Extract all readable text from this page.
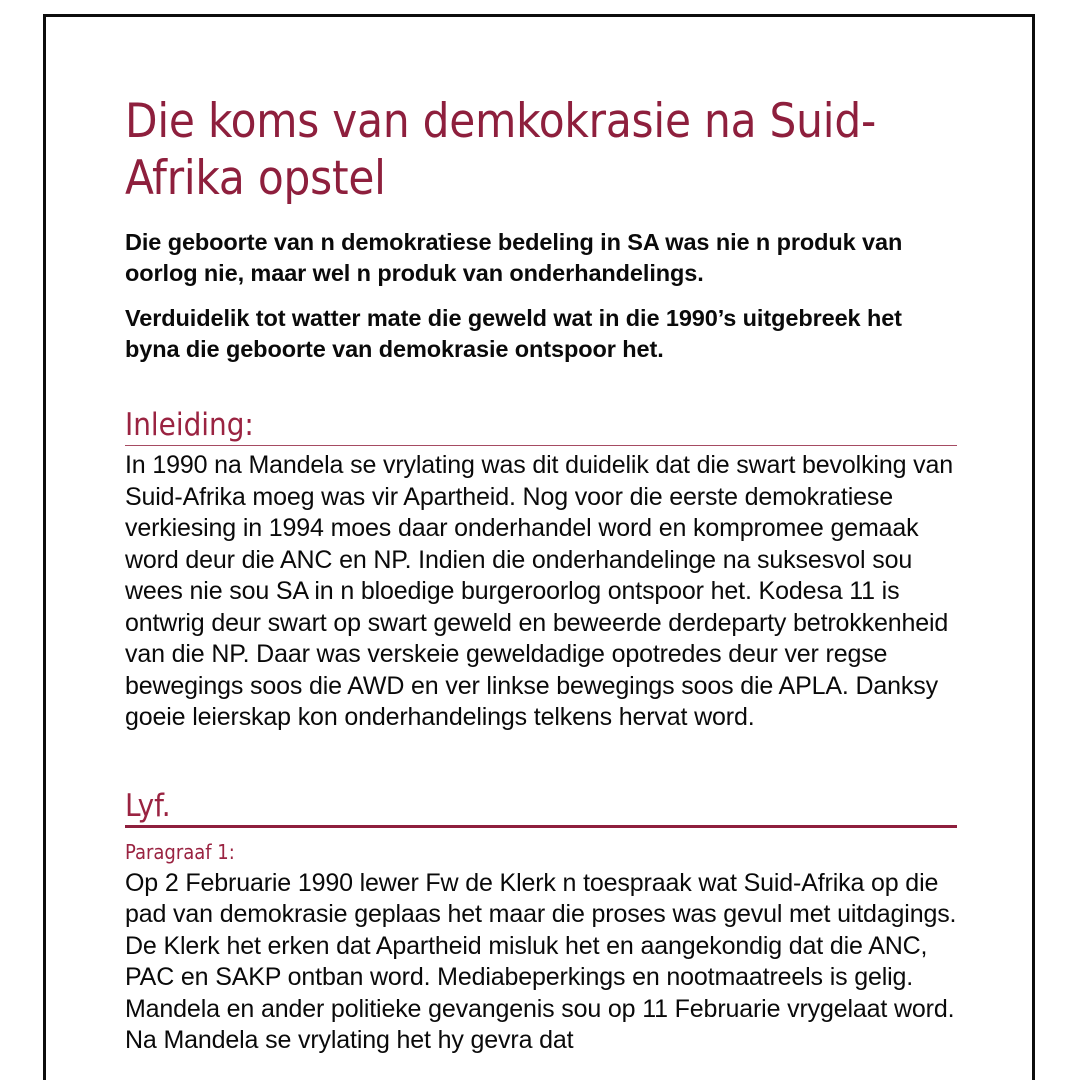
Die koms van demkokrasie na Suid-Afrika opstel

Die geboorte van n demokratiese bedeling in SA was nie n produk van oorlog nie, maar wel n produk van onderhandelings.

Verduidelik tot watter mate die geweld wat in die 1990’s uitgebreek het byna die geboorte van demokrasie ontspoor het.

Inleiding:

In 1990 na Mandela se vrylating was dit duidelik dat die swart bevolking van Suid-Afrika moeg was vir Apartheid. Nog voor die eerste demokratiese verkiesing in 1994 moes daar onderhandel word en kompromee gemaak word deur die ANC en NP. Indien die onderhandelinge na suksesvol sou wees nie sou SA in n bloedige burgeroorlog ontspoor het. Kodesa 11 is ontwrig deur swart op swart geweld en beweerde derdeparty betrokkenheid van die NP. Daar was verskeie geweldadige opotredes deur ver regse bewegings soos die AWD en ver linkse bewegings soos die APLA. Danksy goeie leierskap kon onderhandelings telkens hervat word.

Lyf.

Paragraaf 1:

Op 2 Februarie 1990 lewer Fw de Klerk n toespraak wat Suid-Afrika op die pad van demokrasie geplaas het maar die proses was gevul met uitdagings. De Klerk het erken dat Apartheid misluk het en aangekondig dat die ANC, PAC en SAKP ontban word. Mediabeperkings en nootmaatreels is gelig. Mandela en ander politieke gevangenis sou op 11 Februarie vrygelaat word. Na Mandela se vrylating het hy gevra dat
